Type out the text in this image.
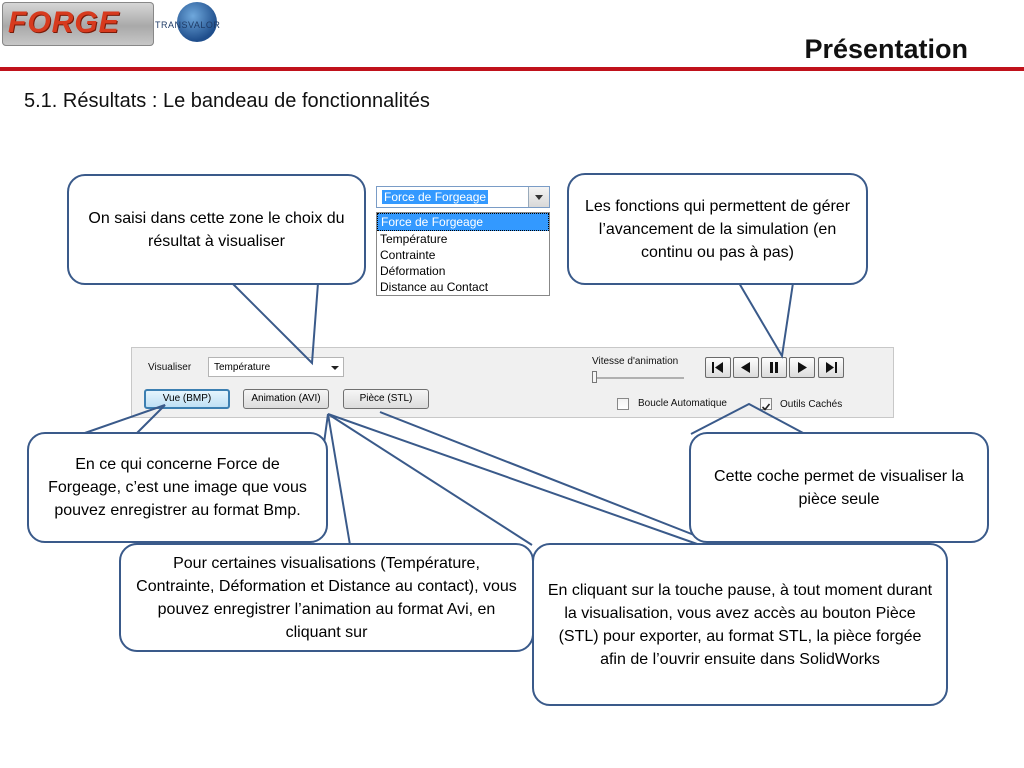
FORGE	TRANSVALOR
Présentation
5.1. Résultats : Le bandeau de fonctionnalités
Force de Forgeage
Force de Forgeage
Température
Contrainte
Déformation
Distance au Contact
Visualiser Température
Vue (BMP)	Animation (AVI)	Pièce (STL)
Vitesse d'animation
Boucle Automatique	Outils Cachés
On saisi dans cette zone le choix du résultat à visualiser
Les fonctions qui permettent de gérer l’avancement de la simulation (en continu ou pas à pas)
En ce qui concerne Force de Forgeage, c’est une image que vous pouvez enregistrer au format Bmp.
Cette coche permet de visualiser la pièce seule
Pour certaines visualisations (Température, Contrainte, Déformation et Distance au contact), vous pouvez enregistrer l’animation au format Avi, en cliquant sur
En cliquant sur la touche pause, à tout moment durant la visualisation, vous avez accès au bouton Pièce (STL) pour exporter, au format STL, la pièce forgée afin de l’ouvrir ensuite dans SolidWorks
